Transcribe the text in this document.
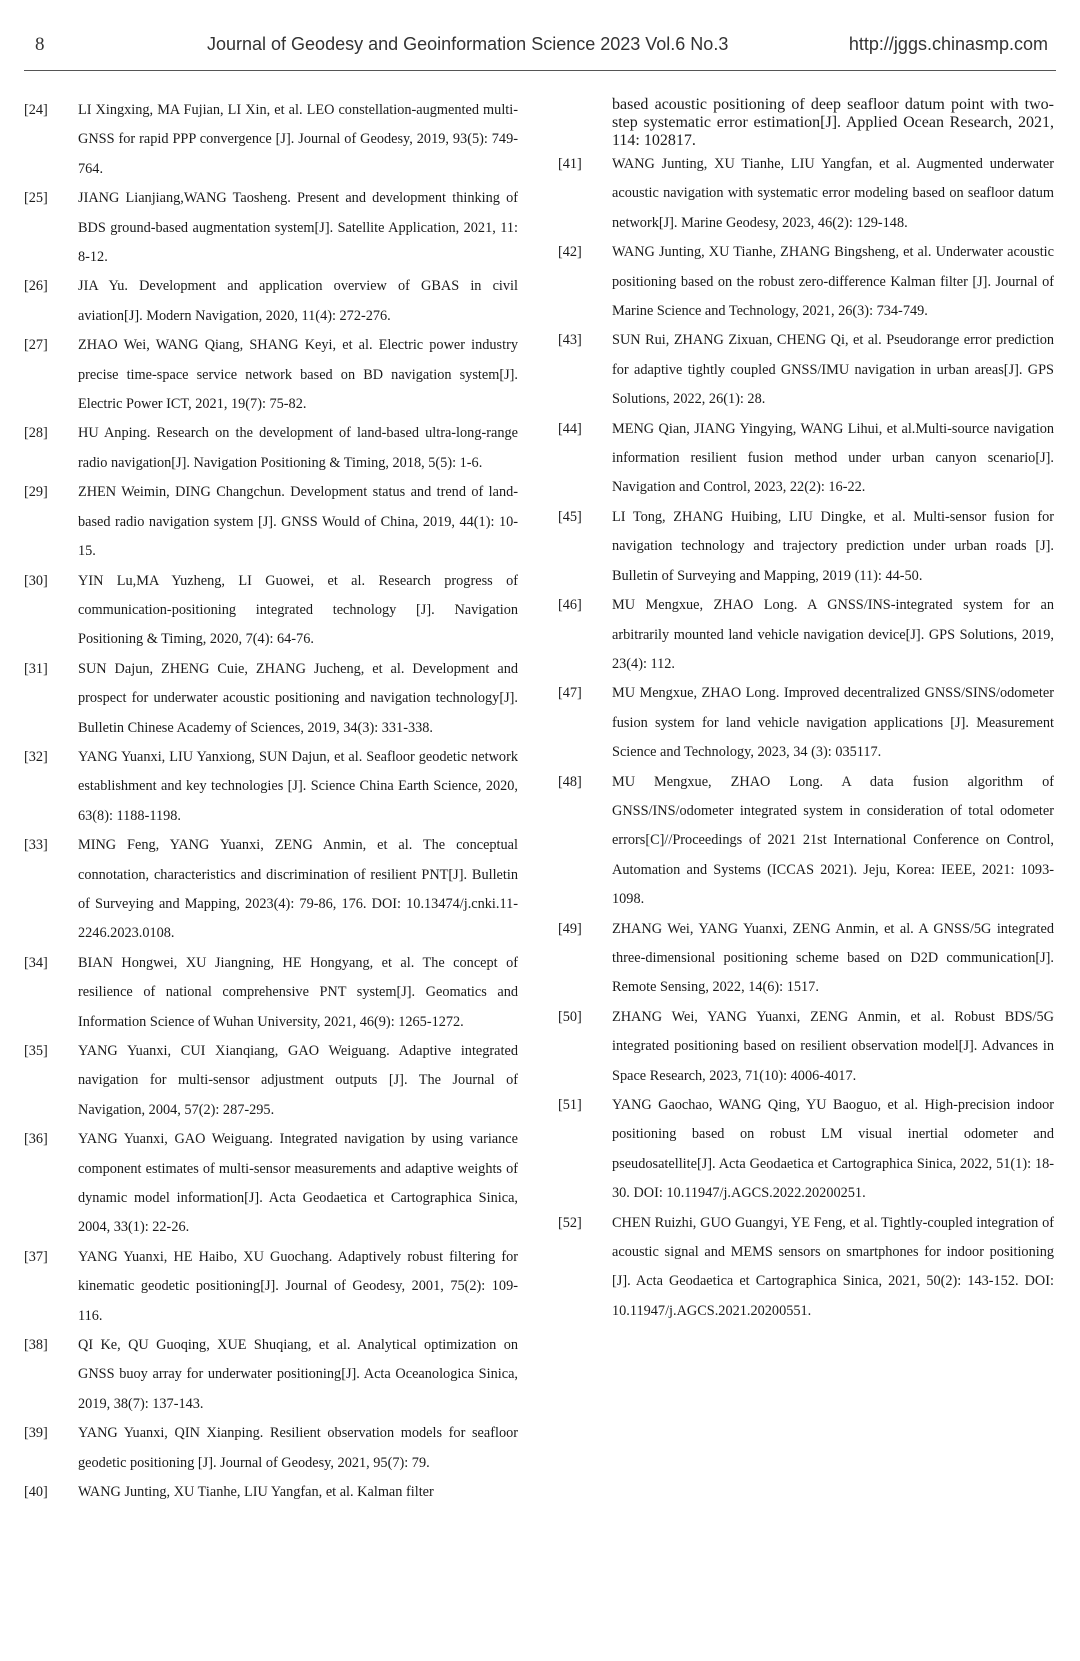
8	Journal of Geodesy and Geoinformation Science 2023 Vol.6 No.3	http://jggs.chinasmp.com
[24]	LI Xingxing, MA Fujian, LI Xin, et al. LEO constellation-augmented multi-GNSS for rapid PPP convergence [J]. Journal of Geodesy, 2019, 93(5): 749-764.
[25]	JIANG Lianjiang,WANG Taosheng. Present and development thinking of BDS ground-based augmentation system[J]. Satellite Application, 2021, 11: 8-12.
[26]	JIA Yu. Development and application overview of GBAS in civil aviation[J]. Modern Navigation, 2020, 11(4): 272-276.
[27]	ZHAO Wei, WANG Qiang, SHANG Keyi, et al. Electric power industry precise time-space service network based on BD navigation system[J]. Electric Power ICT, 2021, 19(7): 75-82.
[28]	HU Anping. Research on the development of land-based ultra-long-range radio navigation[J]. Navigation Positioning & Timing, 2018, 5(5): 1-6.
[29]	ZHEN Weimin, DING Changchun. Development status and trend of land-based radio navigation system [J]. GNSS Would of China, 2019, 44(1): 10-15.
[30]	YIN Lu,MA Yuzheng, LI Guowei, et al. Research progress of communication-positioning integrated technology [J]. Navigation Positioning & Timing, 2020, 7(4): 64-76.
[31]	SUN Dajun, ZHENG Cuie, ZHANG Jucheng, et al. Development and prospect for underwater acoustic positioning and navigation technology[J]. Bulletin Chinese Academy of Sciences, 2019, 34(3): 331-338.
[32]	YANG Yuanxi, LIU Yanxiong, SUN Dajun, et al. Seafloor geodetic network establishment and key technologies [J]. Science China Earth Science, 2020, 63(8): 1188-1198.
[33]	MING Feng, YANG Yuanxi, ZENG Anmin, et al. The conceptual connotation, characteristics and discrimination of resilient PNT[J]. Bulletin of Surveying and Mapping, 2023(4): 79-86, 176. DOI: 10.13474/j.cnki.11-2246.2023.0108.
[34]	BIAN Hongwei, XU Jiangning, HE Hongyang, et al. The concept of resilience of national comprehensive PNT system[J]. Geomatics and Information Science of Wuhan University, 2021, 46(9): 1265-1272.
[35]	YANG Yuanxi, CUI Xianqiang, GAO Weiguang. Adaptive integrated navigation for multi-sensor adjustment outputs [J]. The Journal of Navigation, 2004, 57(2): 287-295.
[36]	YANG Yuanxi, GAO Weiguang. Integrated navigation by using variance component estimates of multi-sensor measurements and adaptive weights of dynamic model information[J]. Acta Geodaetica et Cartographica Sinica, 2004, 33(1): 22-26.
[37]	YANG Yuanxi, HE Haibo, XU Guochang. Adaptively robust filtering for kinematic geodetic positioning[J]. Journal of Geodesy, 2001, 75(2): 109-116.
[38]	QI Ke, QU Guoqing, XUE Shuqiang, et al. Analytical optimization on GNSS buoy array for underwater positioning[J]. Acta Oceanologica Sinica, 2019, 38(7): 137-143.
[39]	YANG Yuanxi, QIN Xianping. Resilient observation models for seafloor geodetic positioning [J]. Journal of Geodesy, 2021, 95(7): 79.
[40]	WANG Junting, XU Tianhe, LIU Yangfan, et al. Kalman filter
based acoustic positioning of deep seafloor datum point with two-step systematic error estimation[J]. Applied Ocean Research, 2021, 114: 102817.
[41]	WANG Junting, XU Tianhe, LIU Yangfan, et al. Augmented underwater acoustic navigation with systematic error modeling based on seafloor datum network[J]. Marine Geodesy, 2023, 46(2): 129-148.
[42]	WANG Junting, XU Tianhe, ZHANG Bingsheng, et al. Underwater acoustic positioning based on the robust zero-difference Kalman filter [J]. Journal of Marine Science and Technology, 2021, 26(3): 734-749.
[43]	SUN Rui, ZHANG Zixuan, CHENG Qi, et al. Pseudorange error prediction for adaptive tightly coupled GNSS/IMU navigation in urban areas[J]. GPS Solutions, 2022, 26(1): 28.
[44]	MENG Qian, JIANG Yingying, WANG Lihui, et al.Multi-source navigation information resilient fusion method under urban canyon scenario[J]. Navigation and Control, 2023, 22(2): 16-22.
[45]	LI Tong, ZHANG Huibing, LIU Dingke, et al. Multi-sensor fusion for navigation technology and trajectory prediction under urban roads [J]. Bulletin of Surveying and Mapping, 2019 (11): 44-50.
[46]	MU Mengxue, ZHAO Long. A GNSS/INS-integrated system for an arbitrarily mounted land vehicle navigation device[J]. GPS Solutions, 2019, 23(4): 112.
[47]	MU Mengxue, ZHAO Long. Improved decentralized GNSS/SINS/odometer fusion system for land vehicle navigation applications [J]. Measurement Science and Technology, 2023, 34 (3): 035117.
[48]	MU Mengxue, ZHAO Long. A data fusion algorithm of GNSS/INS/odometer integrated system in consideration of total odometer errors[C]//Proceedings of 2021 21st International Conference on Control, Automation and Systems (ICCAS 2021). Jeju, Korea: IEEE, 2021: 1093-1098.
[49]	ZHANG Wei, YANG Yuanxi, ZENG Anmin, et al. A GNSS/5G integrated three-dimensional positioning scheme based on D2D communication[J]. Remote Sensing, 2022, 14(6): 1517.
[50]	ZHANG Wei, YANG Yuanxi, ZENG Anmin, et al. Robust BDS/5G integrated positioning based on resilient observation model[J]. Advances in Space Research, 2023, 71(10): 4006-4017.
[51]	YANG Gaochao, WANG Qing, YU Baoguo, et al. High-precision indoor positioning based on robust LM visual inertial odometer and pseudosatellite[J]. Acta Geodaetica et Cartographica Sinica, 2022, 51(1): 18-30. DOI: 10.11947/j.AGCS.2022.20200251.
[52]	CHEN Ruizhi, GUO Guangyi, YE Feng, et al. Tightly-coupled integration of acoustic signal and MEMS sensors on smartphones for indoor positioning [J]. Acta Geodaetica et Cartographica Sinica, 2021, 50(2): 143-152. DOI: 10.11947/j.AGCS.2021.20200551.
